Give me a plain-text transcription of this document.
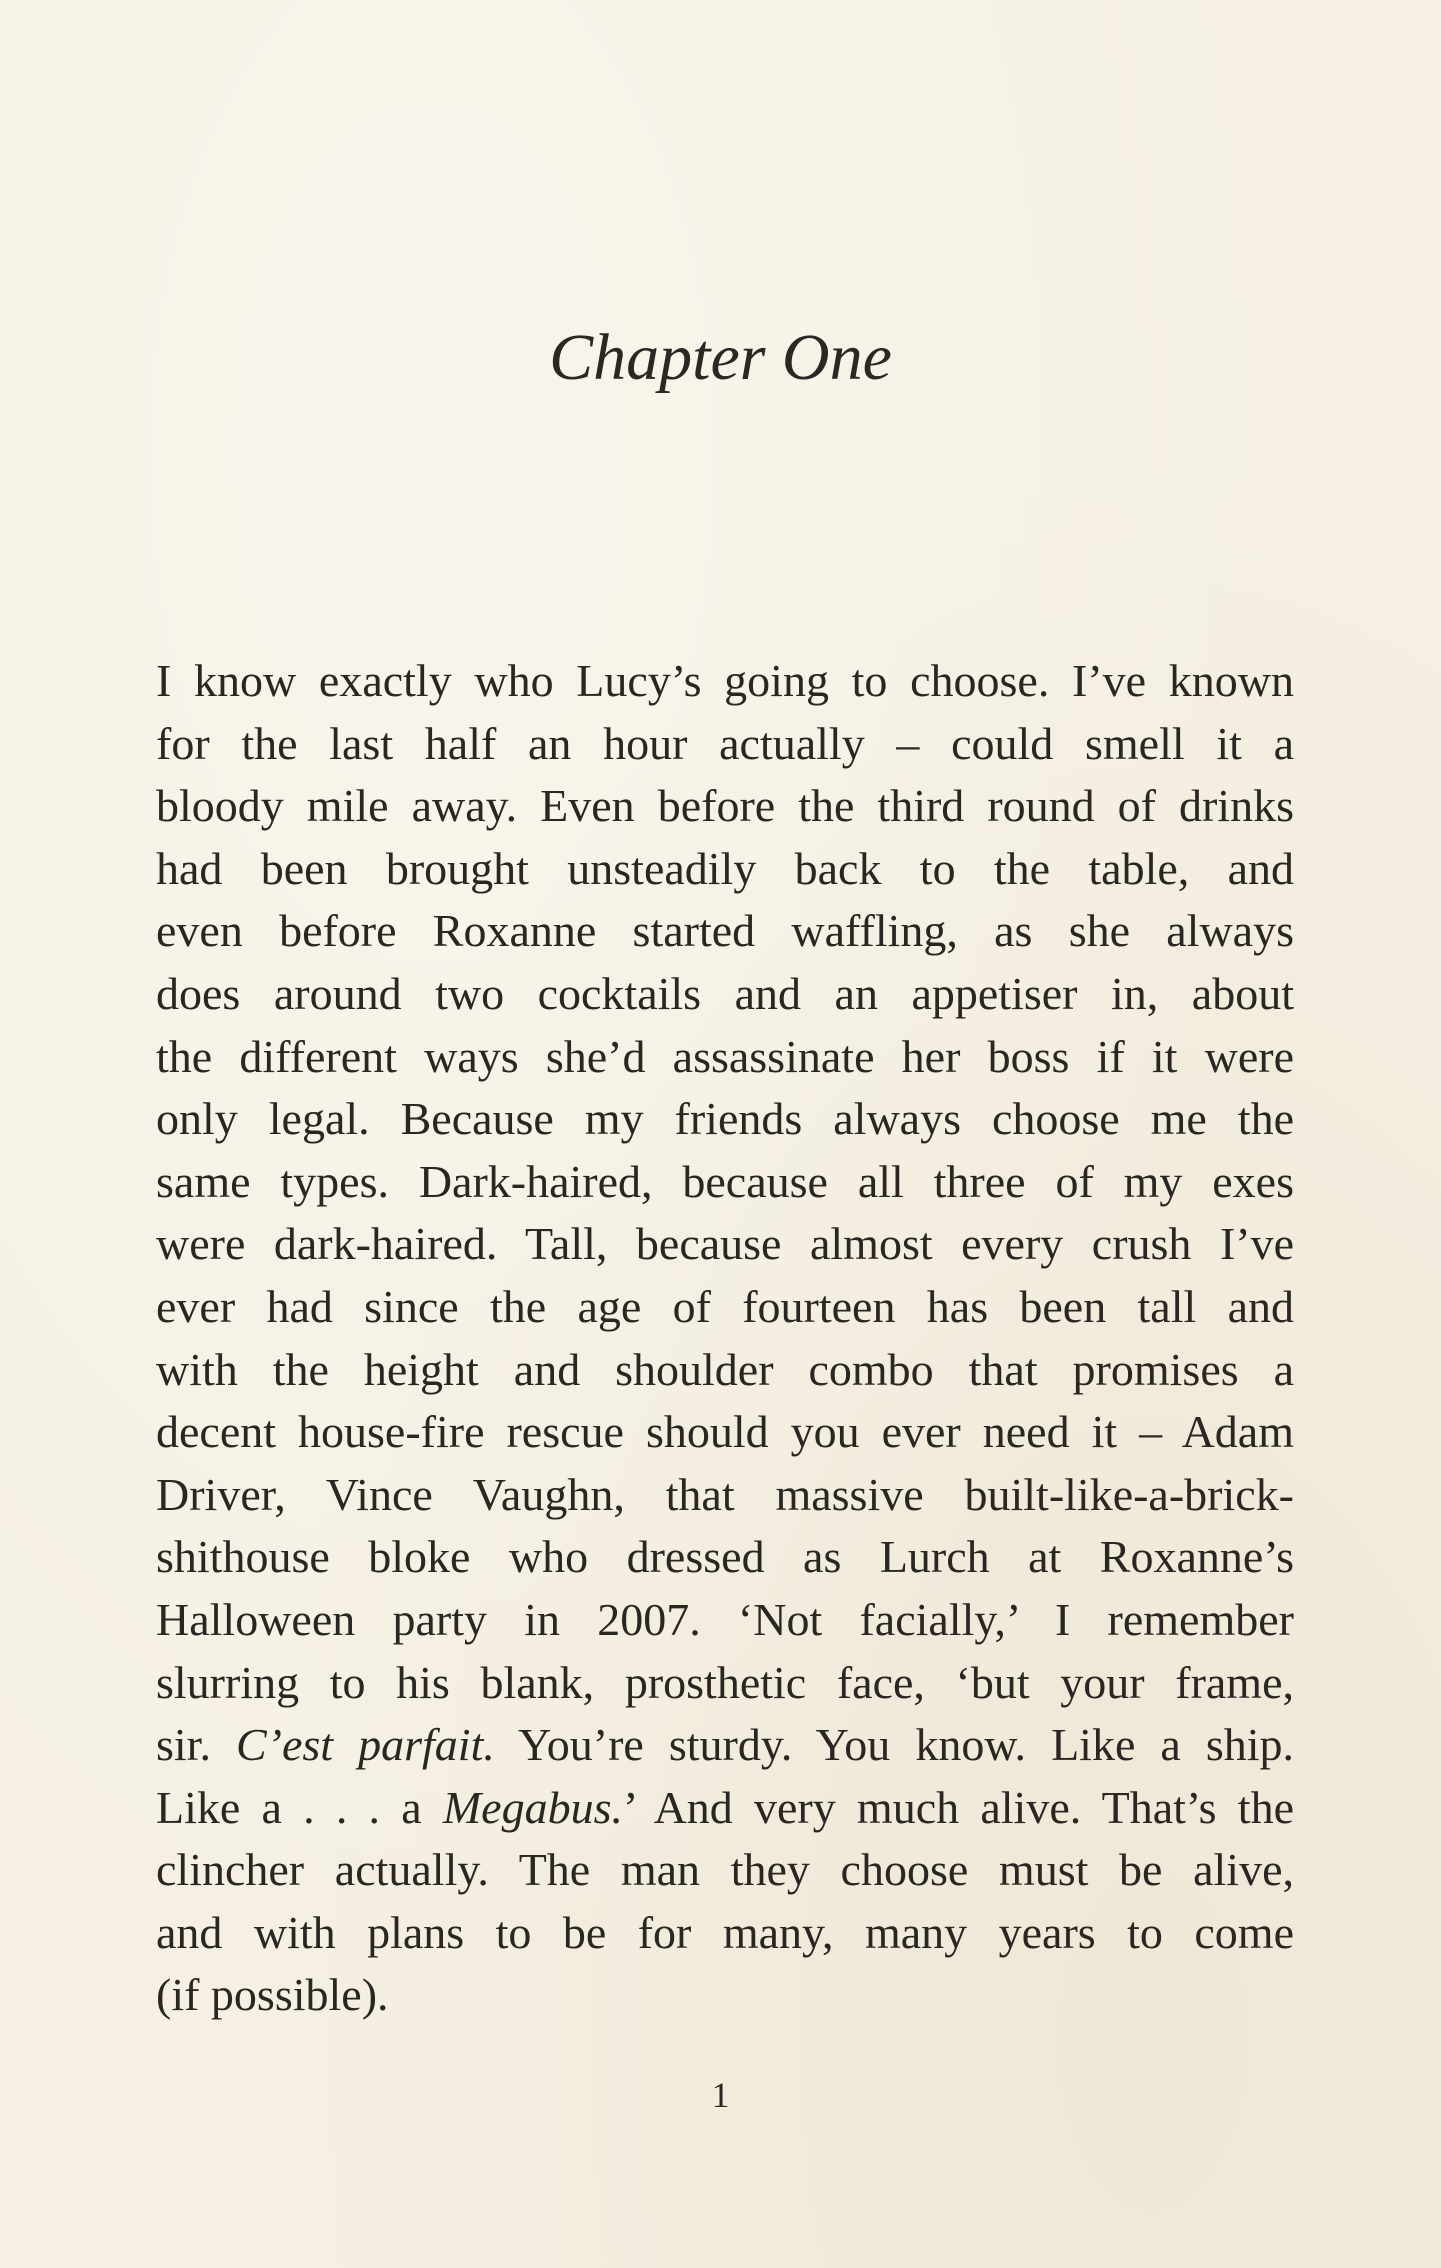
Chapter One
I know exactly who Lucy’s going to choose. I’ve known
for the last half an hour actually – could smell it a
bloody mile away. Even before the third round of drinks
had been brought unsteadily back to the table, and
even before Roxanne started waffling, as she always
does around two cocktails and an appetiser in, about
the different ways she’d assassinate her boss if it were
only legal. Because my friends always choose me the
same types. Dark-haired, because all three of my exes
were dark-haired. Tall, because almost every crush I’ve
ever had since the age of fourteen has been tall and
with the height and shoulder combo that promises a
decent house-fire rescue should you ever need it – Adam
Driver, Vince Vaughn, that massive built-like-a-brick-
shithouse bloke who dressed as Lurch at Roxanne’s
Halloween party in 2007. ‘Not facially,’ I remember
slurring to his blank, prosthetic face, ‘but your frame,
sir. C’est parfait. You’re sturdy. You know. Like a ship.
Like a . . . a Megabus.’ And very much alive. That’s the
clincher actually. The man they choose must be alive,
and with plans to be for many, many years to come
(if possible).
1
